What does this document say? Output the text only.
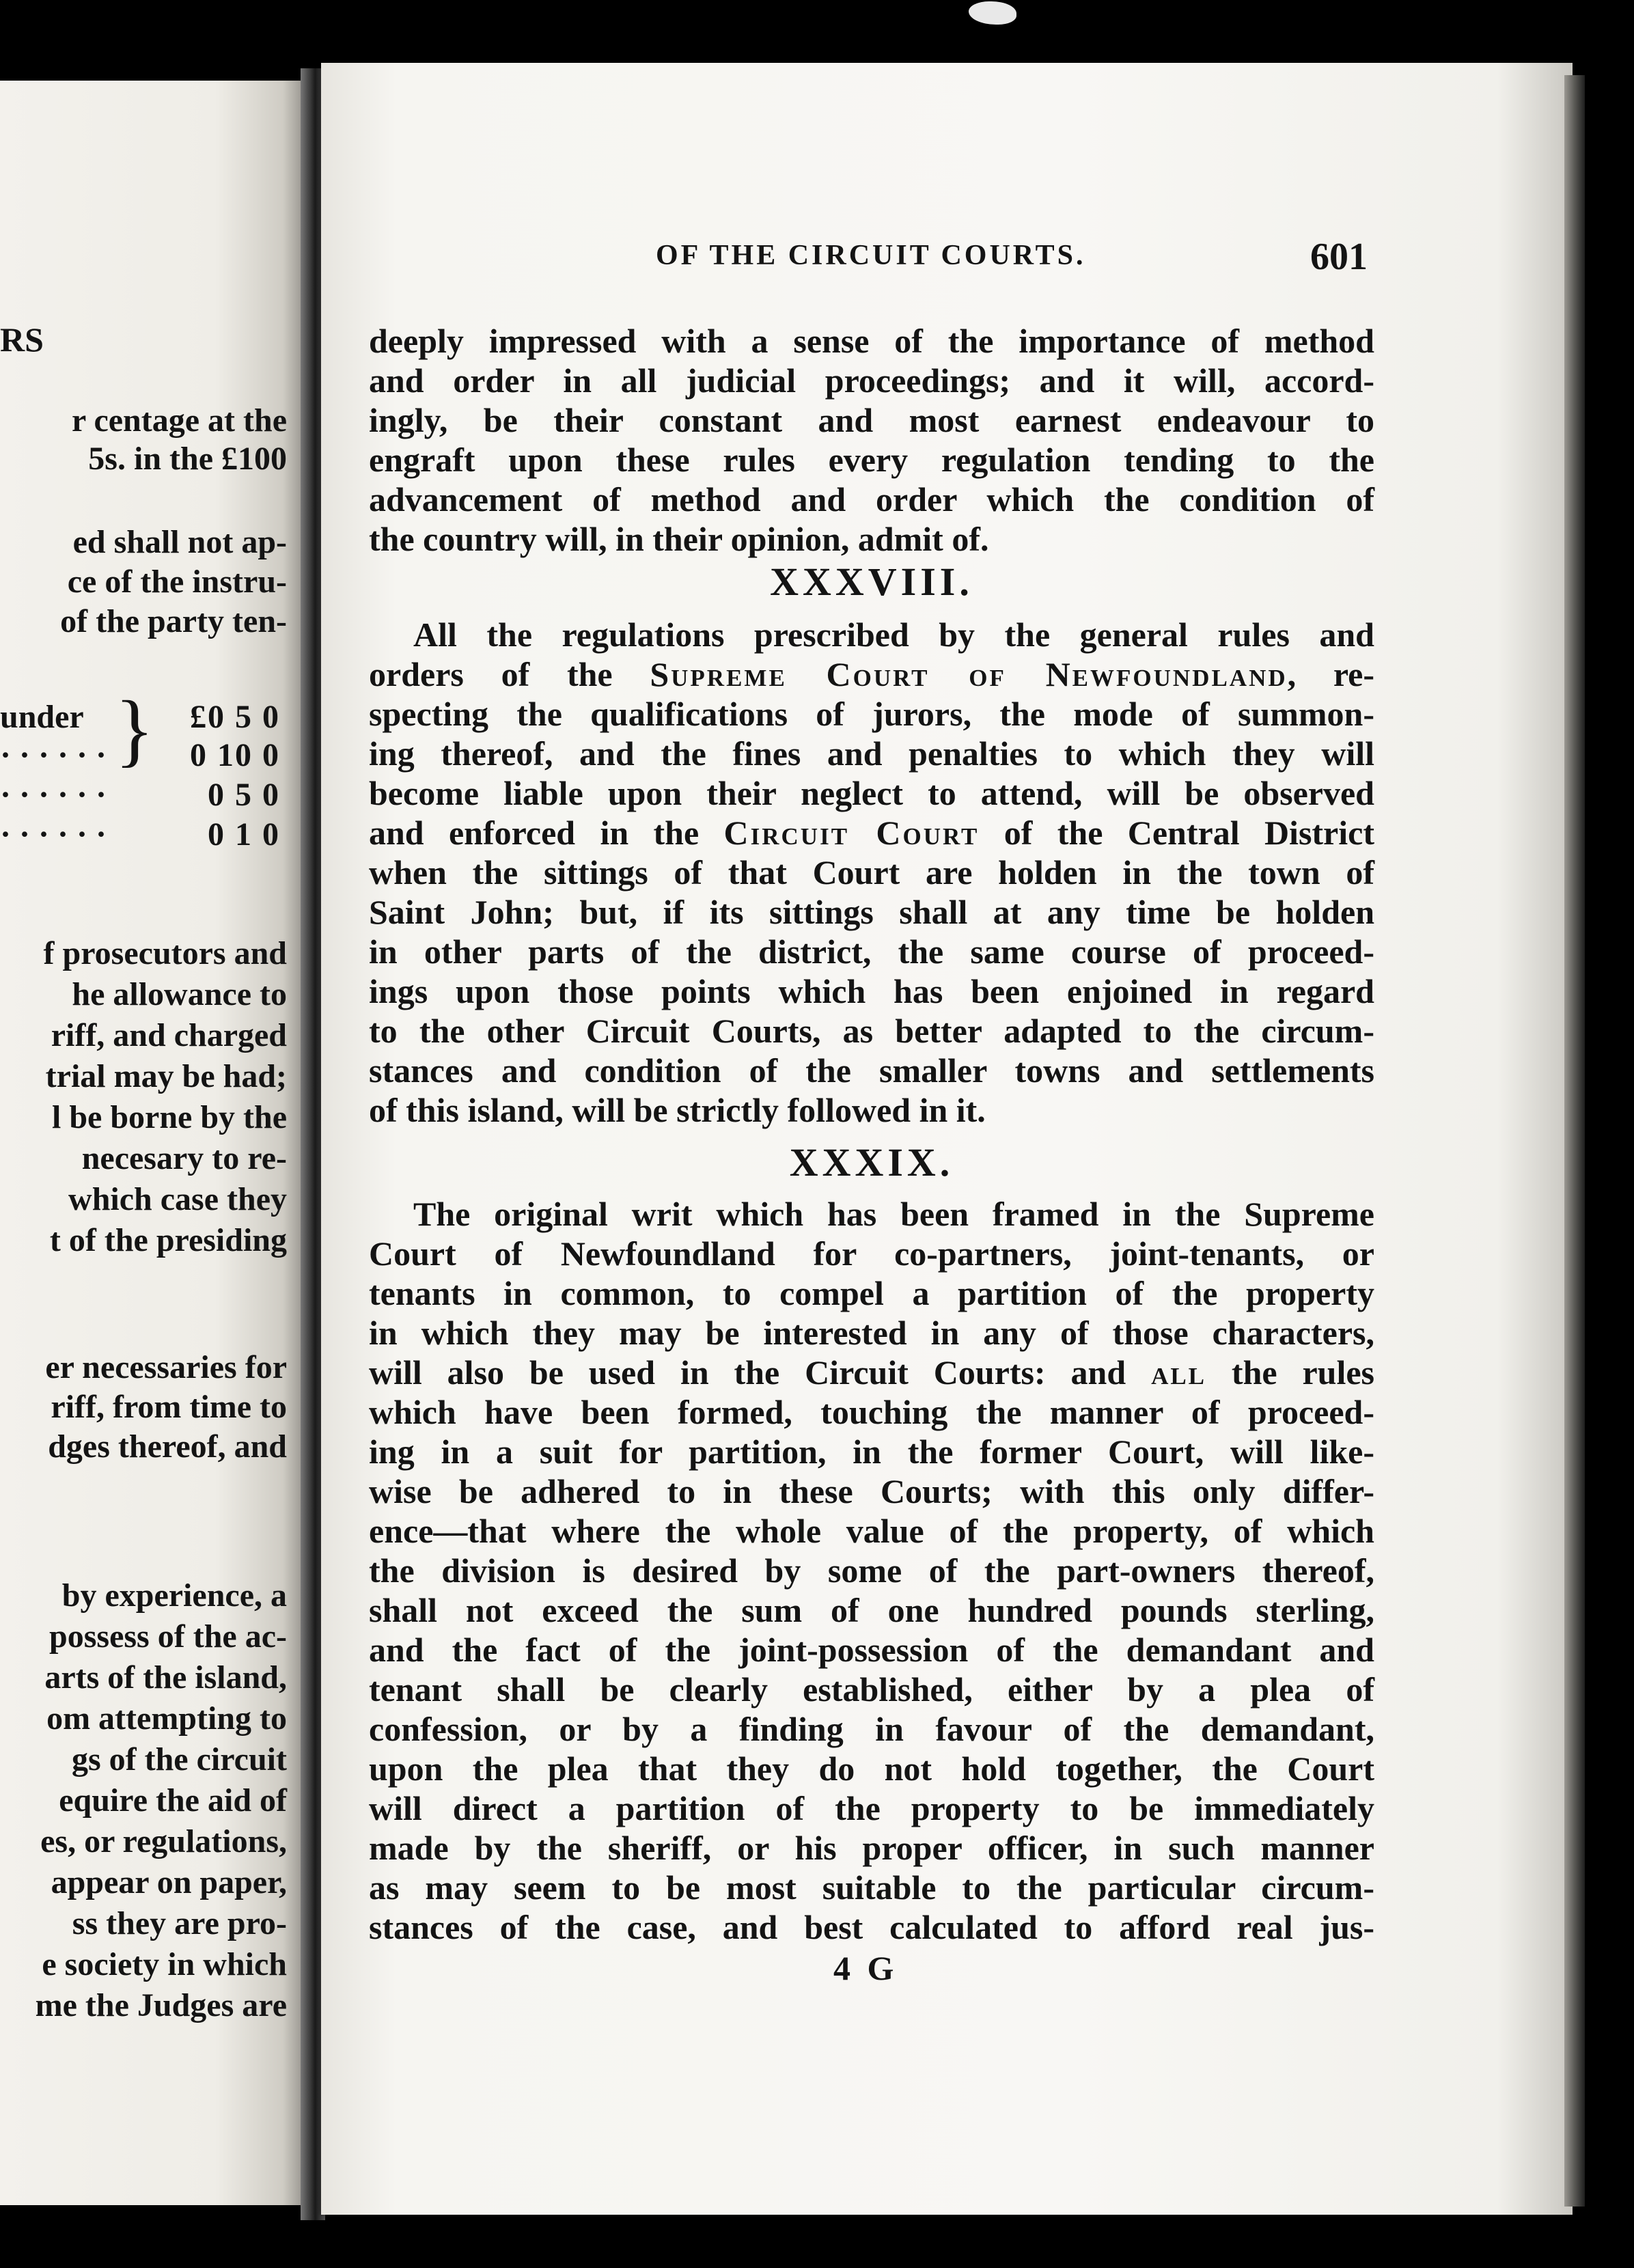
RS

r centage at the

5s. in the £100

ed shall not ap-

ce of the instru-

of the party ten-

}

under	£0 5 0
· · · · · ·	0 10 0
· · · · · ·	0 5 0
· · · · · ·	0 1 0

f prosecutors and

he allowance to

riff, and charged

trial may be had;

l be borne by the

necesary to re-

which case they

t of the presiding

er necessaries for

riff, from time to

dges thereof, and

by experience, a

possess of the ac-

arts of the island,

om attempting to

gs of the circuit

equire the aid of

es, or regulations,

appear on paper,

ss they are pro-

e society in which

me the Judges are

OF THE CIRCUIT COURTS.	601

deeply impressed with a sense of the importance of method

and order in all judicial proceedings; and it will, accord-

ingly, be their constant and most earnest endeavour to

engraft upon these rules every regulation tending to the

advancement of method and order which the condition of

the country will, in their opinion, admit of.

XXXVIII.

All the regulations prescribed by the general rules and

orders of the Supreme Court of Newfoundland, re-

specting the qualifications of jurors, the mode of summon-

ing thereof, and the fines and penalties to which they will

become liable upon their neglect to attend, will be observed

and enforced in the Circuit Court of the Central District

when the sittings of that Court are holden in the town of

Saint John; but, if its sittings shall at any time be holden

in other parts of the district, the same course of proceed-

ings upon those points which has been enjoined in regard

to the other Circuit Courts, as better adapted to the circum-

stances and condition of the smaller towns and settlements

of this island, will be strictly followed in it.

XXXIX.

The original writ which has been framed in the Supreme

Court of Newfoundland for co-partners, joint-tenants, or

tenants in common, to compel a partition of the property

in which they may be interested in any of those characters,

will also be used in the Circuit Courts: and all the rules

which have been formed, touching the manner of proceed-

ing in a suit for partition, in the former Court, will like-

wise be adhered to in these Courts; with this only differ-

ence—that where the whole value of the property, of which

the division is desired by some of the part-owners thereof,

shall not exceed the sum of one hundred pounds sterling,

and the fact of the joint-possession of the demandant and

tenant shall be clearly established, either by a plea of

confession, or by a finding in favour of the demandant,

upon the plea that they do not hold together, the Court

will direct a partition of the property to be immediately

made by the sheriff, or his proper officer, in such manner

as may seem to be most suitable to the particular circum-

stances of the case, and best calculated to afford real jus-

4 G
